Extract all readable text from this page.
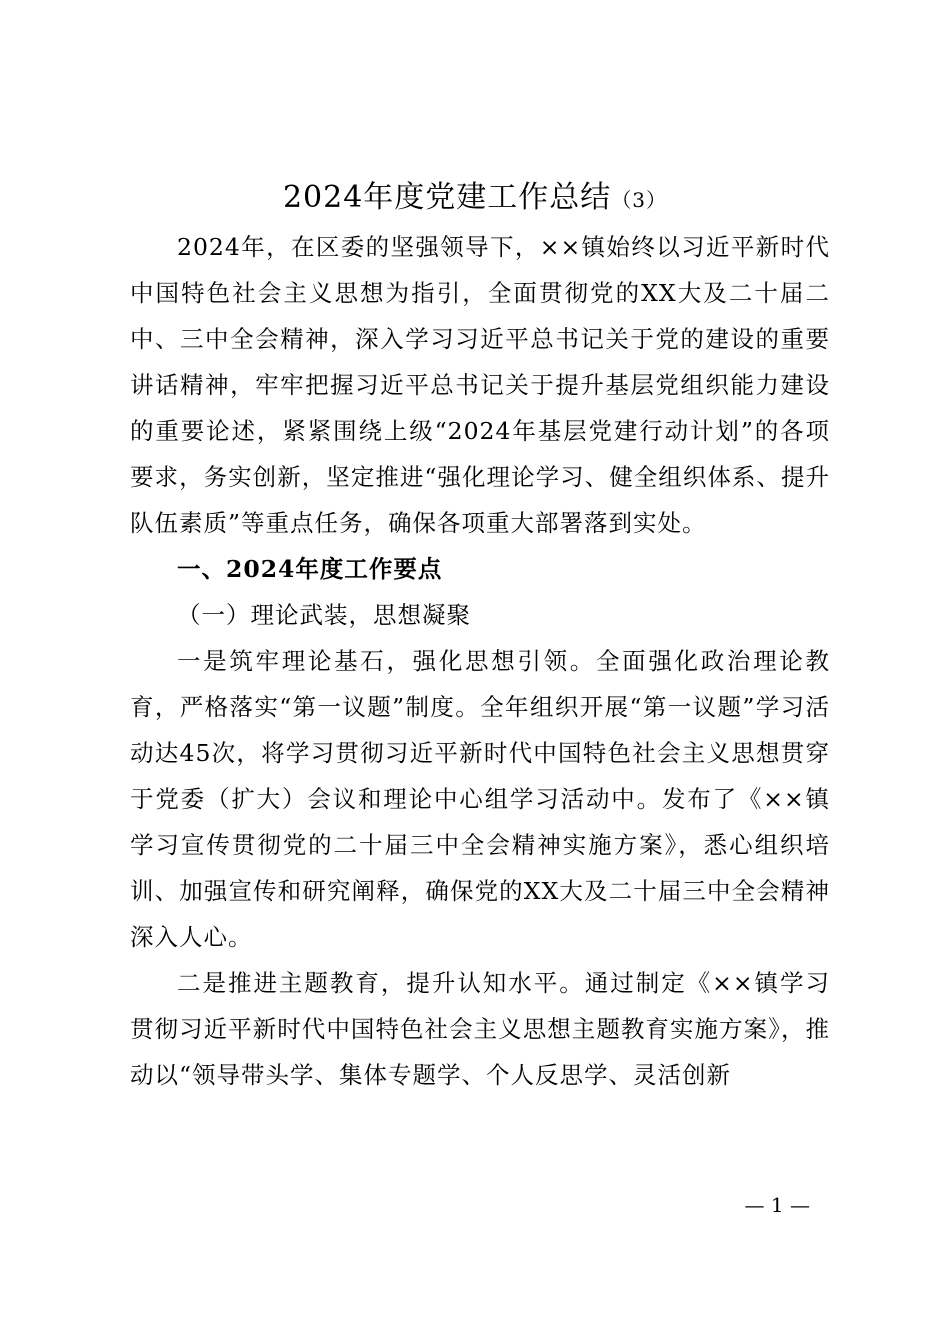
2024年度党建工作总结（3）

2024年，在区委的坚强领导下，××镇始终以习近平新时代中国特色社会主义思想为指引，全面贯彻党的XX大及二十届二中、三中全会精神，深入学习习近平总书记关于党的建设的重要讲话精神，牢牢把握习近平总书记关于提升基层党组织能力建设的重要论述，紧紧围绕上级“2024年基层党建行动计划”的各项要求，务实创新，坚定推进“强化理论学习、健全组织体系、提升队伍素质”等重点任务，确保各项重大部署落到实处。

一、2024年度工作要点

（一）理论武装，思想凝聚

一是筑牢理论基石，强化思想引领。全面强化政治理论教育，严格落实“第一议题”制度。全年组织开展“第一议题”学习活动达45次，将学习贯彻习近平新时代中国特色社会主义思想贯穿于党委（扩大）会议和理论中心组学习活动中。发布了《××镇学习宣传贯彻党的二十届三中全会精神实施方案》，悉心组织培训、加强宣传和研究阐释，确保党的XX大及二十届三中全会精神深入人心。

二是推进主题教育，提升认知水平。通过制定《××镇学习贯彻习近平新时代中国特色社会主义思想主题教育实施方案》，推动以“领导带头学、集体专题学、个人反思学、灵活创新

— 1 —
